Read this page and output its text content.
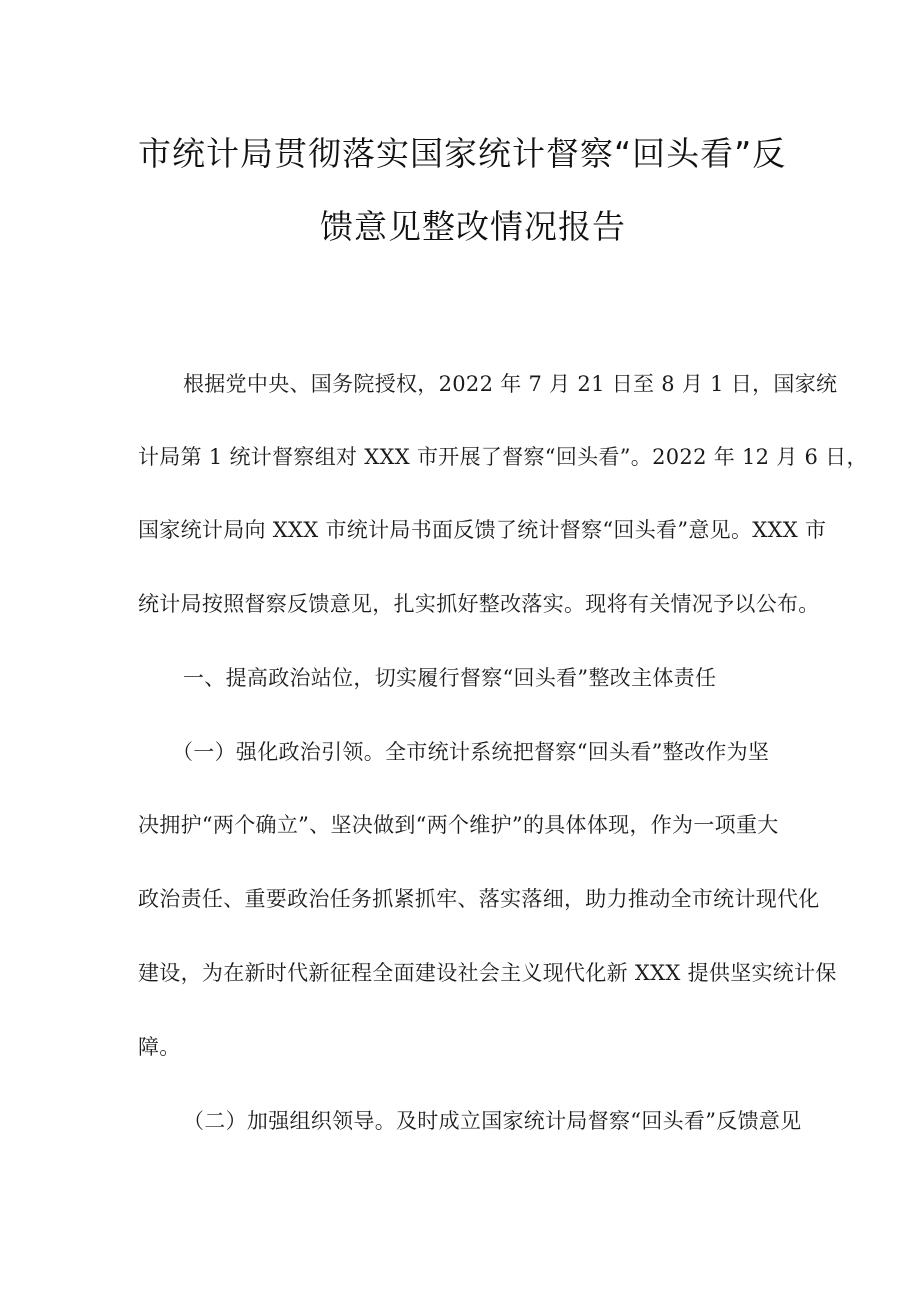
市统计局贯彻落实国家统计督察“回头看”反
馈意见整改情况报告
根据党中央、国务院授权，2022 年 7 月 21 日至 8 月 1 日，国家统
计局第 1 统计督察组对 XXX 市开展了督察“回头看”。2022 年 12 月 6 日，
国家统计局向 XXX 市统计局书面反馈了统计督察“回头看”意见。XXX 市
统计局按照督察反馈意见，扎实抓好整改落实。现将有关情况予以公布。
一、提高政治站位，切实履行督察“回头看”整改主体责任
（一）强化政治引领。全市统计系统把督察“回头看”整改作为坚
决拥护“两个确立”、坚决做到“两个维护”的具体体现，作为一项重大
政治责任、重要政治任务抓紧抓牢、落实落细，助力推动全市统计现代化
建设，为在新时代新征程全面建设社会主义现代化新 XXX 提供坚实统计保
障。
（二）加强组织领导。及时成立国家统计局督察“回头看”反馈意见
